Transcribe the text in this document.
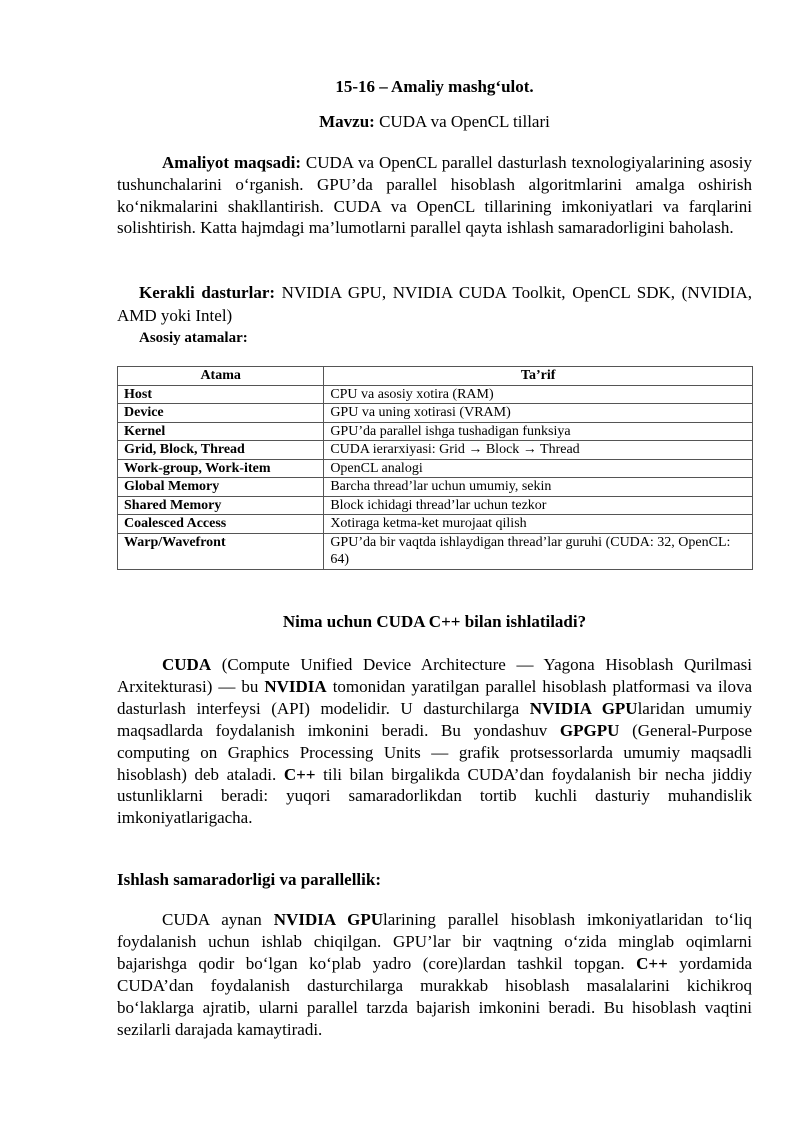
15-16 – Amaliy mashg‘ulot.

Mavzu: CUDA va OpenCL tillari

Amaliyot maqsadi: CUDA va OpenCL parallel dasturlash texnologiyalarining asosiy tushunchalarini o‘rganish. GPU’da parallel hisoblash algoritmlarini amalga oshirish ko‘nikmalarini shakllantirish. CUDA va OpenCL tillarining imkoniyatlari va farqlarini solishtirish. Katta hajmdagi ma’lumotlarni parallel qayta ishlash samaradorligini baholash.

Kerakli dasturlar: NVIDIA GPU, NVIDIA CUDA Toolkit, OpenCL SDK, (NVIDIA, AMD yoki Intel)

Asosiy atamalar:

Atama	Ta’rif
Host	CPU va asosiy xotira (RAM)
Device	GPU va uning xotirasi (VRAM)
Kernel	GPU’da parallel ishga tushadigan funksiya
Grid, Block, Thread	CUDA ierarxiyasi: Grid → Block → Thread
Work-group, Work-item	OpenCL analogi
Global Memory	Barcha thread’lar uchun umumiy, sekin
Shared Memory	Block ichidagi thread’lar uchun tezkor
Coalesced Access	Xotiraga ketma-ket murojaat qilish
Warp/Wavefront	GPU’da bir vaqtda ishlaydigan thread’lar guruhi (CUDA: 32, OpenCL: 64)

Nima uchun CUDA C++ bilan ishlatiladi?

CUDA (Compute Unified Device Architecture — Yagona Hisoblash Qurilmasi Arxitekturasi) — bu NVIDIA tomonidan yaratilgan parallel hisoblash platformasi va ilova dasturlash interfeysi (API) modelidir. U dasturchilarga NVIDIA GPUlaridan umumiy maqsadlarda foydalanish imkonini beradi. Bu yondashuv GPGPU (General-Purpose computing on Graphics Processing Units — grafik protsessorlarda umumiy maqsadli hisoblash) deb ataladi. C++ tili bilan birgalikda CUDA’dan foydalanish bir necha jiddiy ustunliklarni beradi: yuqori samaradorlikdan tortib kuchli dasturiy muhandislik imkoniyatlarigacha.

Ishlash samaradorligi va parallellik:

CUDA aynan NVIDIA GPUlarining parallel hisoblash imkoniyatlaridan to‘liq foydalanish uchun ishlab chiqilgan. GPU’lar bir vaqtning o‘zida minglab oqimlarni bajarishga qodir bo‘lgan ko‘plab yadro (core)lardan tashkil topgan. C++ yordamida CUDA’dan foydalanish dasturchilarga murakkab hisoblash masalalarini kichikroq bo‘laklarga ajratib, ularni parallel tarzda bajarish imkonini beradi. Bu hisoblash vaqtini sezilarli darajada kamaytiradi.
